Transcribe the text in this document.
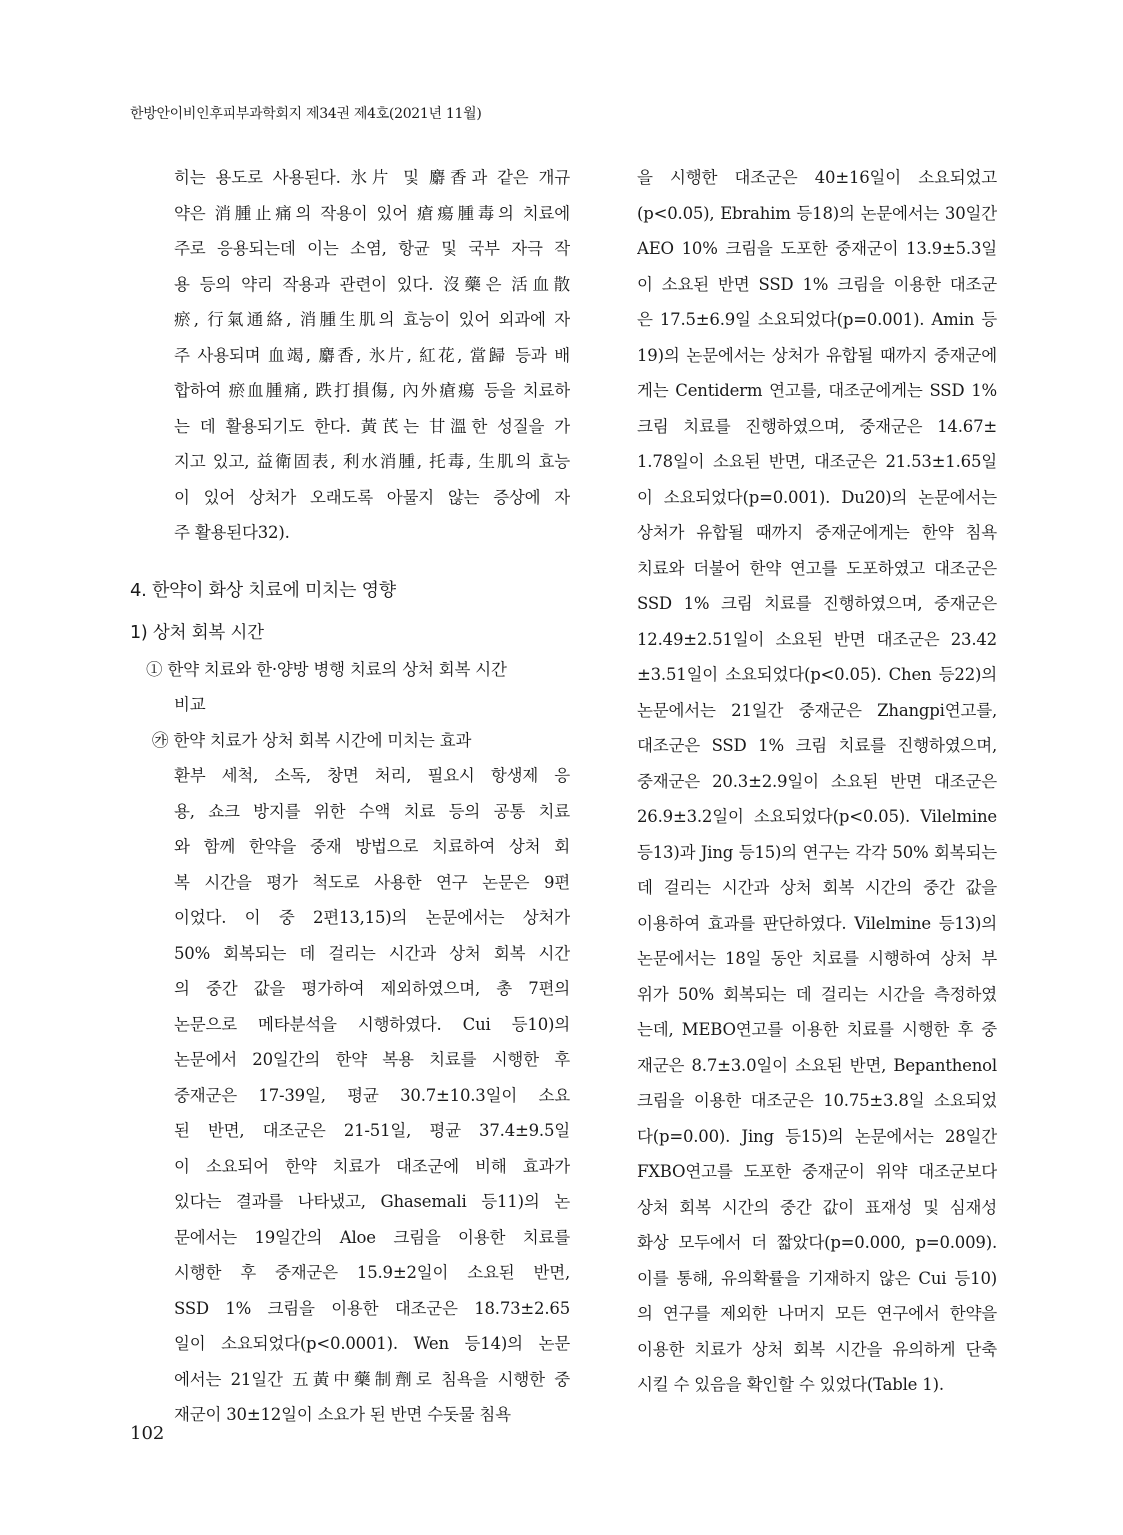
한방안이비인후피부과학회지 제34권 제4호(2021년 11월)
히는 용도로 사용된다. 氷片 및 麝香과 같은 개규
약은 消腫止痛의 작용이 있어 瘡瘍腫毒의 치료에
주로 응용되는데 이는 소염, 항균 및 국부 자극 작
용 등의 약리 작용과 관련이 있다. 沒藥은 活血散
瘀, 行氣通絡, 消腫生肌의 효능이 있어 외과에 자
주 사용되며 血竭, 麝香, 氷片, 紅花, 當歸 등과 배
합하여 瘀血腫痛, 跌打損傷, 內外瘡瘍 등을 치료하
는 데 활용되기도 한다. 黃芪는 甘溫한 성질을 가
지고 있고, 益衛固表, 利水消腫, 托毒, 生肌의 효능
이 있어 상처가 오래도록 아물지 않는 증상에 자
주 활용된다32).
4. 한약이 화상 치료에 미치는 영향
1) 상처 회복 시간
① 한약 치료와 한·양방 병행 치료의 상처 회복 시간
비교
㉮ 한약 치료가 상처 회복 시간에 미치는 효과
환부 세척, 소독, 창면 처리, 필요시 항생제 응
용, 쇼크 방지를 위한 수액 치료 등의 공통 치료
와 함께 한약을 중재 방법으로 치료하여 상처 회
복 시간을 평가 척도로 사용한 연구 논문은 9편
이었다. 이 중 2편13,15)의 논문에서는 상처가
50% 회복되는 데 걸리는 시간과 상처 회복 시간
의 중간 값을 평가하여 제외하였으며, 총 7편의
논문으로 메타분석을 시행하였다. Cui 등10)의
논문에서 20일간의 한약 복용 치료를 시행한 후
중재군은 17-39일, 평균 30.7±10.3일이 소요
된 반면, 대조군은 21-51일, 평균 37.4±9.5일
이 소요되어 한약 치료가 대조군에 비해 효과가
있다는 결과를 나타냈고, Ghasemali 등11)의 논
문에서는 19일간의 Aloe 크림을 이용한 치료를
시행한 후 중재군은 15.9±2일이 소요된 반면,
SSD 1% 크림을 이용한 대조군은 18.73±2.65
일이 소요되었다(p<0.0001). Wen 등14)의 논문
에서는 21일간 五黃中藥制劑로 침욕을 시행한 중
재군이 30±12일이 소요가 된 반면 수돗물 침욕
을 시행한 대조군은 40±16일이 소요되었고
(p<0.05), Ebrahim 등18)의 논문에서는 30일간
AEO 10% 크림을 도포한 중재군이 13.9±5.3일
이 소요된 반면 SSD 1% 크림을 이용한 대조군
은 17.5±6.9일 소요되었다(p=0.001). Amin 등
19)의 논문에서는 상처가 유합될 때까지 중재군에
게는 Centiderm 연고를, 대조군에게는 SSD 1%
크림 치료를 진행하였으며, 중재군은 14.67±
1.78일이 소요된 반면, 대조군은 21.53±1.65일
이 소요되었다(p=0.001). Du20)의 논문에서는
상처가 유합될 때까지 중재군에게는 한약 침욕
치료와 더불어 한약 연고를 도포하였고 대조군은
SSD 1% 크림 치료를 진행하였으며, 중재군은
12.49±2.51일이 소요된 반면 대조군은 23.42
±3.51일이 소요되었다(p<0.05). Chen 등22)의
논문에서는 21일간 중재군은 Zhangpi연고를,
대조군은 SSD 1% 크림 치료를 진행하였으며,
중재군은 20.3±2.9일이 소요된 반면 대조군은
26.9±3.2일이 소요되었다(p<0.05). Vilelmine
등13)과 Jing 등15)의 연구는 각각 50% 회복되는
데 걸리는 시간과 상처 회복 시간의 중간 값을
이용하여 효과를 판단하였다. Vilelmine 등13)의
논문에서는 18일 동안 치료를 시행하여 상처 부
위가 50% 회복되는 데 걸리는 시간을 측정하였
는데, MEBO연고를 이용한 치료를 시행한 후 중
재군은 8.7±3.0일이 소요된 반면, Bepanthenol
크림을 이용한 대조군은 10.75±3.8일 소요되었
다(p=0.00). Jing 등15)의 논문에서는 28일간
FXBO연고를 도포한 중재군이 위약 대조군보다
상처 회복 시간의 중간 값이 표재성 및 심재성
화상 모두에서 더 짧았다(p=0.000, p=0.009).
이를 통해, 유의확률을 기재하지 않은 Cui 등10)
의 연구를 제외한 나머지 모든 연구에서 한약을
이용한 치료가 상처 회복 시간을 유의하게 단축
시킬 수 있음을 확인할 수 있었다(Table 1).
102
